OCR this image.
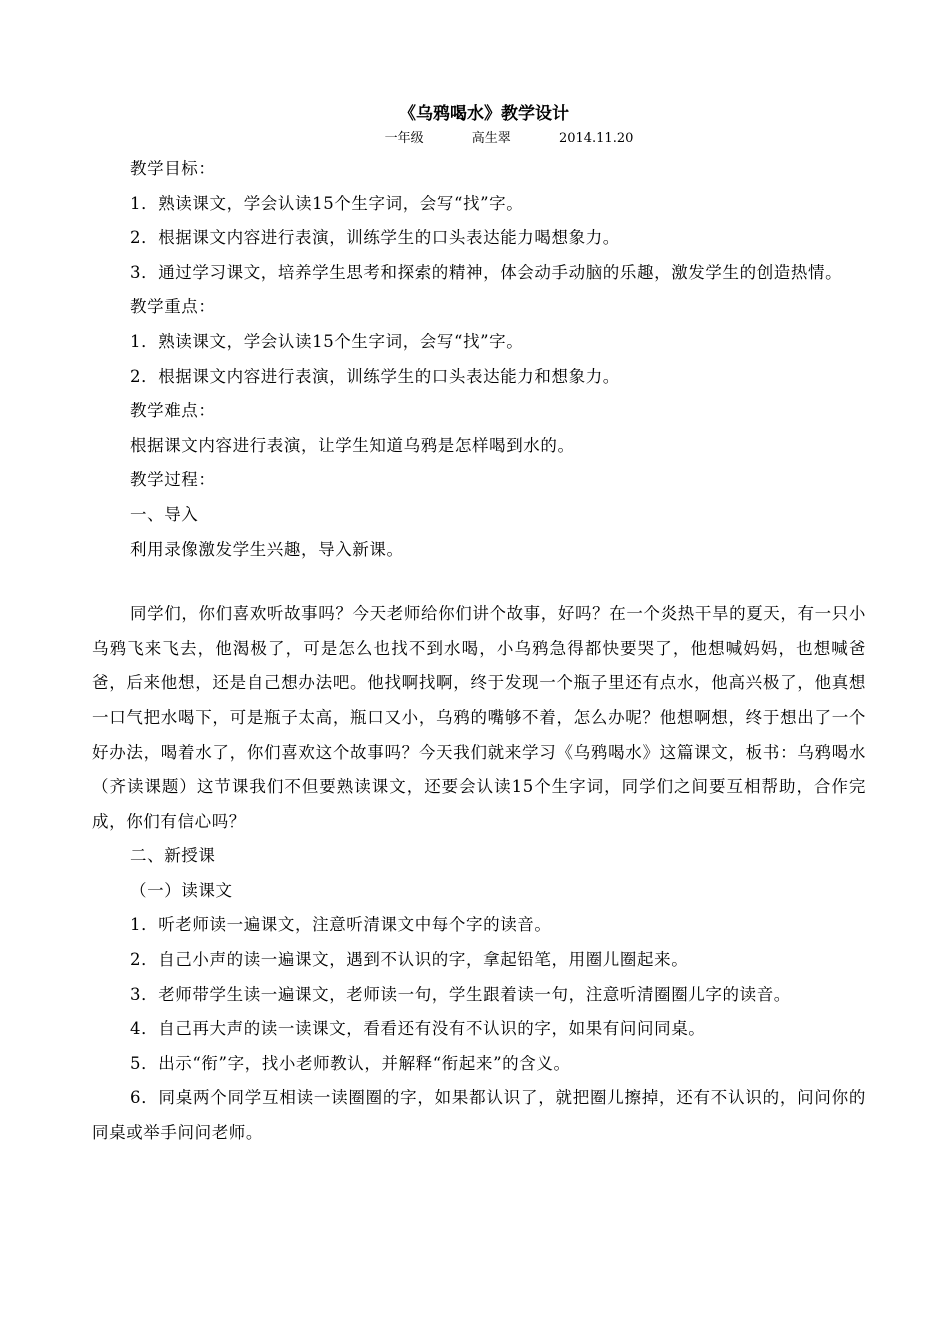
《乌鸦喝水》教学设计
一年级	高生翠	2014.11.20

教学目标：

1．熟读课文，学会认读15个生字词，会写“找”字。

2．根据课文内容进行表演，训练学生的口头表达能力喝想象力。

3．通过学习课文，培养学生思考和探索的精神，体会动手动脑的乐趣，激发学生的创造热情。

教学重点：

1．熟读课文，学会认读15个生字词，会写“找”字。

2．根据课文内容进行表演，训练学生的口头表达能力和想象力。

教学难点：

根据课文内容进行表演，让学生知道乌鸦是怎样喝到水的。

教学过程：

一、导入

利用录像激发学生兴趣，导入新课。

同学们，你们喜欢听故事吗？今天老师给你们讲个故事，好吗？在一个炎热干旱的夏天，有一只小乌鸦飞来飞去，他渴极了，可是怎么也找不到水喝，小乌鸦急得都快要哭了，他想喊妈妈，也想喊爸爸，后来他想，还是自己想办法吧。他找啊找啊，终于发现一个瓶子里还有点水，他高兴极了，他真想一口气把水喝下，可是瓶子太高，瓶口又小，乌鸦的嘴够不着，怎么办呢？他想啊想，终于想出了一个好办法，喝着水了，你们喜欢这个故事吗？今天我们就来学习《乌鸦喝水》这篇课文，板书：乌鸦喝水 （齐读课题）这节课我们不但要熟读课文，还要会认读15个生字词，同学们之间要互相帮助，合作完成，你们有信心吗？

二、新授课

（一）读课文

1．听老师读一遍课文，注意听清课文中每个字的读音。

2．自己小声的读一遍课文，遇到不认识的字，拿起铅笔，用圈儿圈起来。

3．老师带学生读一遍课文，老师读一句，学生跟着读一句，注意听清圈圈儿字的读音。

4．自己再大声的读一读课文，看看还有没有不认识的字，如果有问问同桌。

5．出示“衔”字，找小老师教认，并解释“衔起来”的含义。

6．同桌两个同学互相读一读圈圈的字，如果都认识了，就把圈儿擦掉，还有不认识的，问问你的同桌或举手问问老师。
